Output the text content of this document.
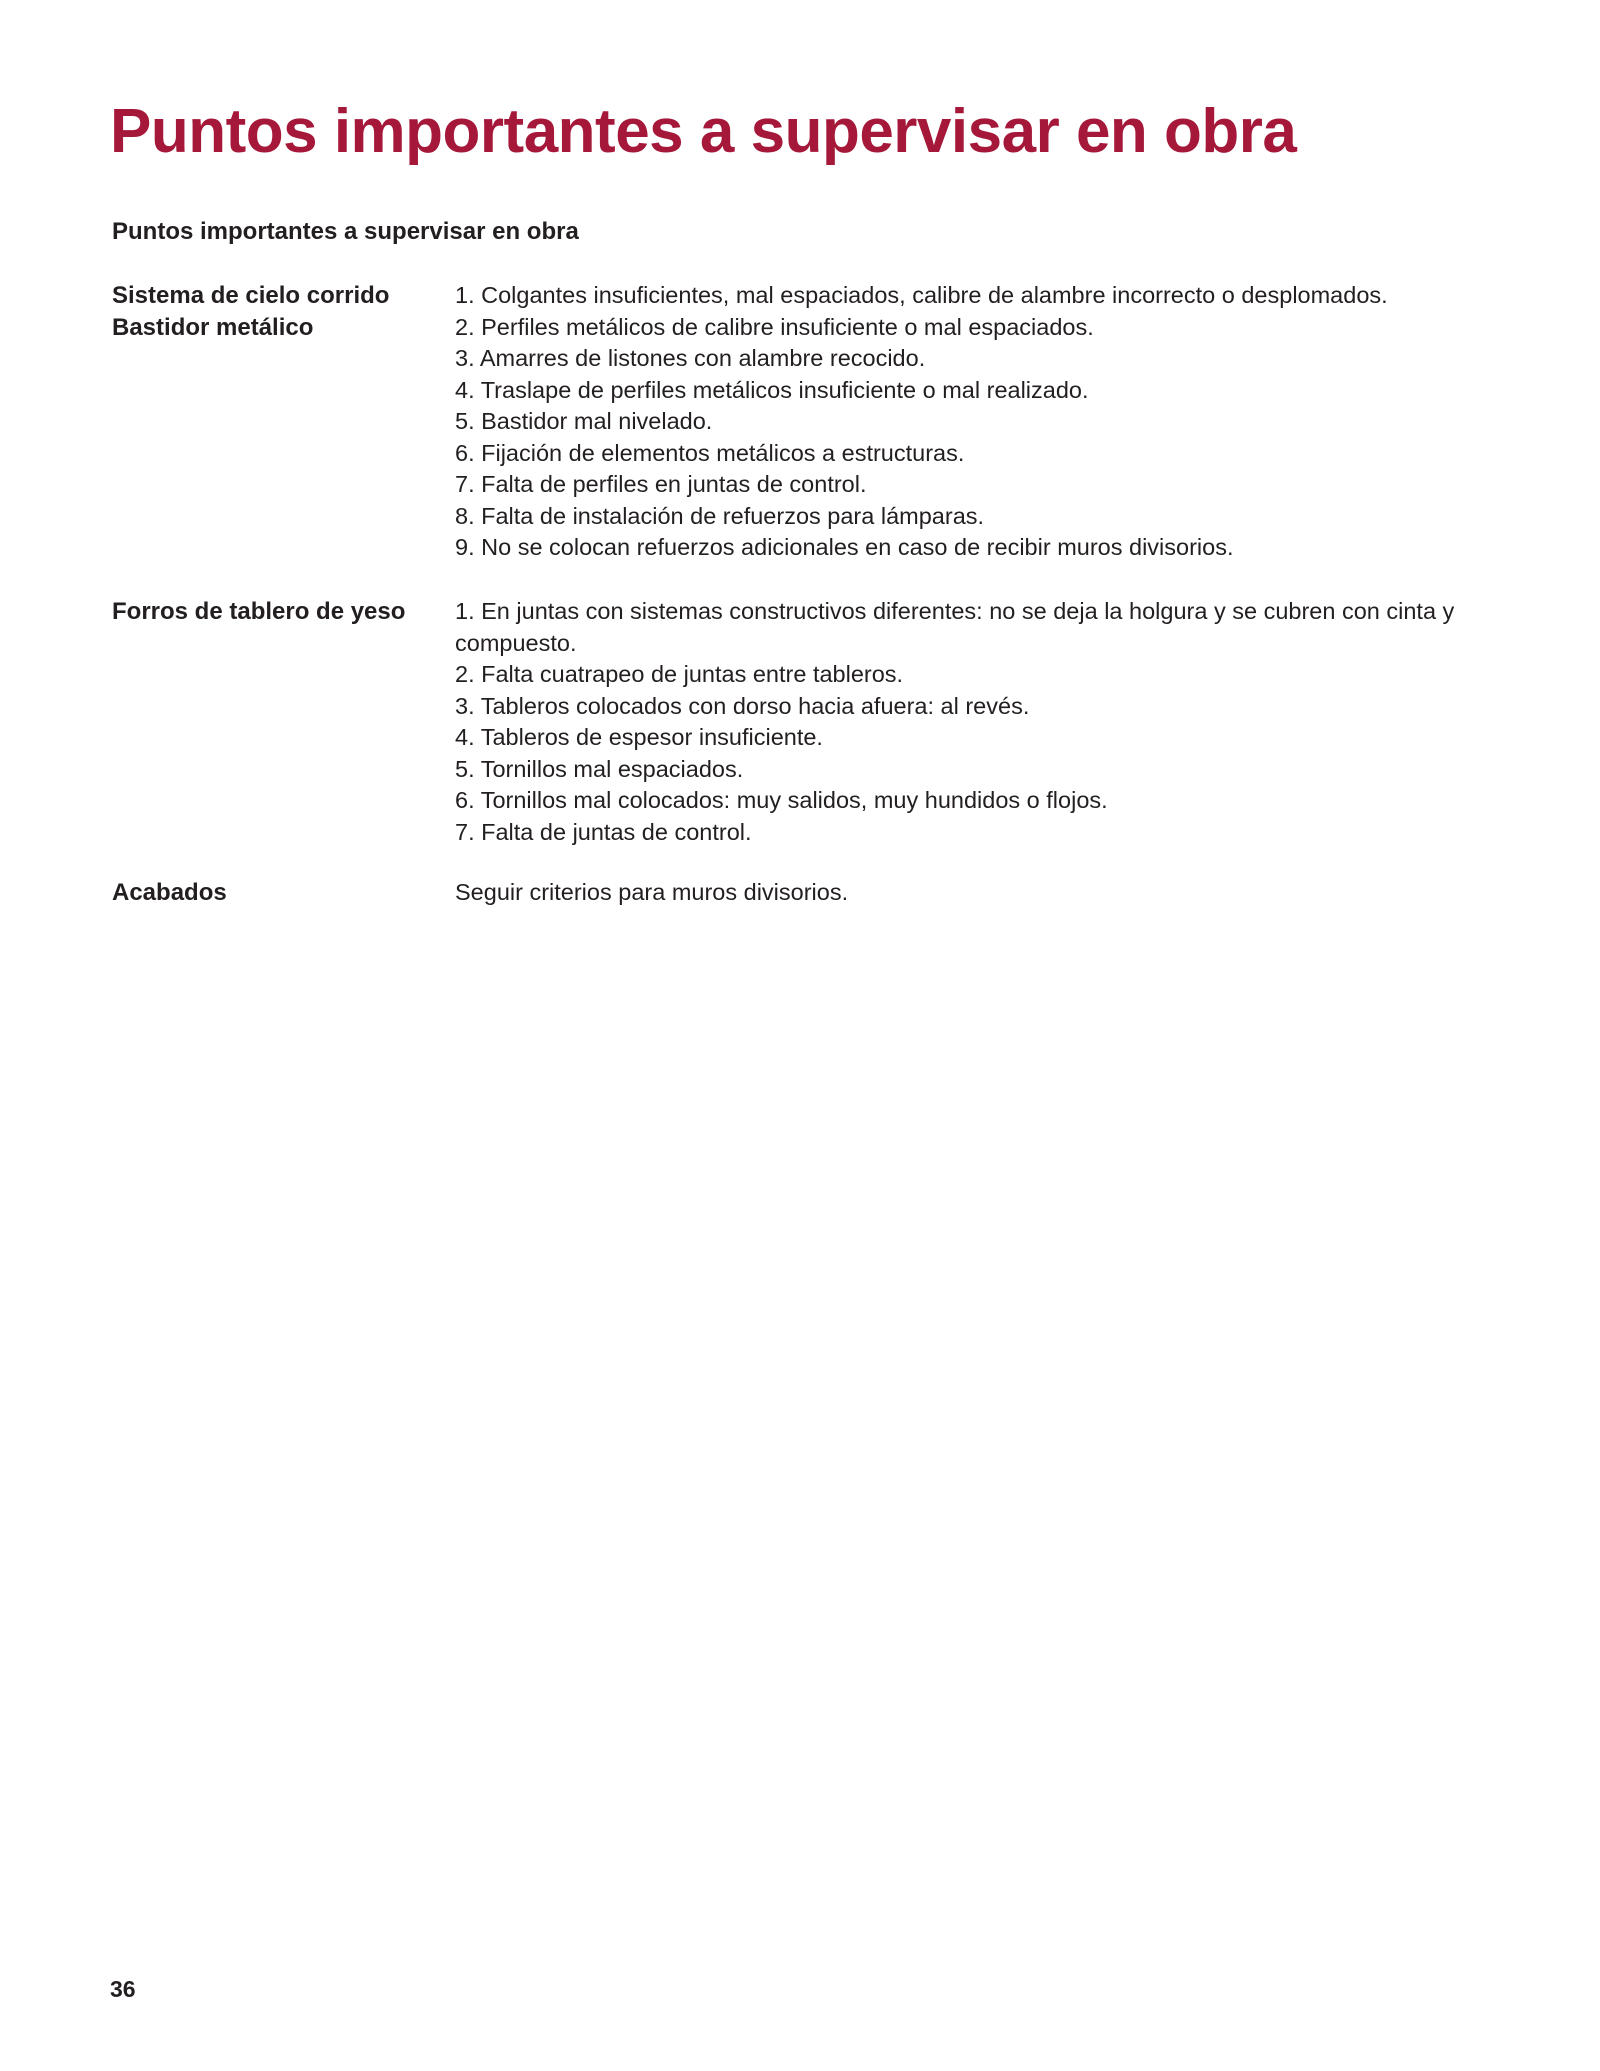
Puntos importantes a supervisar en obra
Puntos importantes a supervisar en obra
Sistema de cielo corrido
Bastidor metálico
1. Colgantes insuficientes, mal espaciados, calibre de alambre incorrecto o desplomados.
2. Perfiles metálicos de calibre insuficiente o mal espaciados.
3. Amarres de listones con alambre recocido.
4. Traslape de perfiles metálicos insuficiente o mal realizado.
5. Bastidor mal nivelado.
6. Fijación de elementos metálicos a estructuras.
7. Falta de perfiles en juntas de control.
8. Falta de instalación de refuerzos para lámparas.
9. No se colocan refuerzos adicionales en caso de recibir muros divisorios.
Forros de tablero de yeso	1. En juntas con sistemas constructivos diferentes: no se deja la holgura y se cubren con cinta y compuesto.
2. Falta cuatrapeo de juntas entre tableros.
3. Tableros colocados con dorso hacia afuera: al revés.
4. Tableros de espesor insuficiente.
5. Tornillos mal espaciados.
6. Tornillos mal colocados: muy salidos, muy hundidos o flojos.
7. Falta de juntas de control.
Acabados	Seguir criterios para muros divisorios.
36
